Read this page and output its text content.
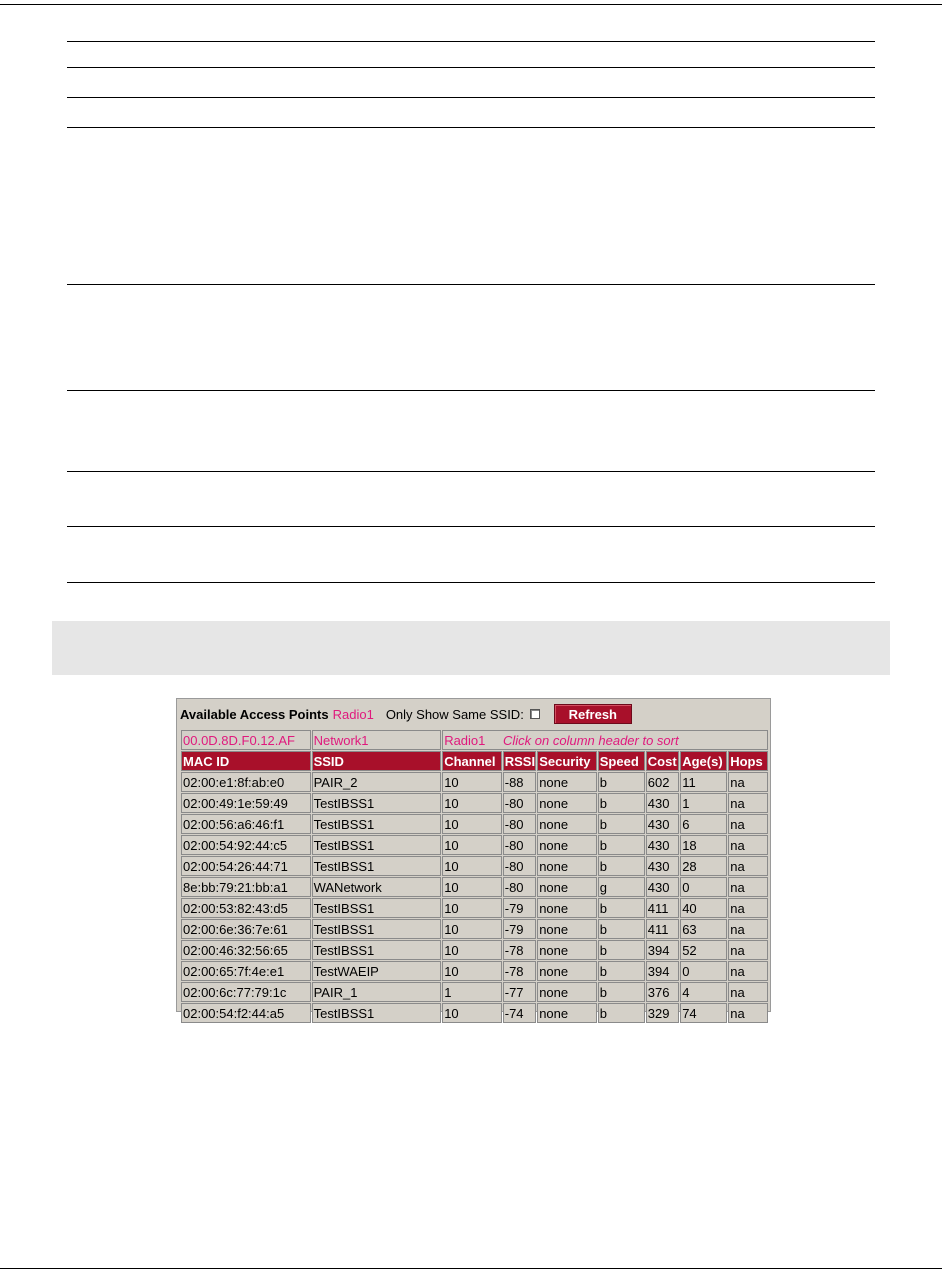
Available Access Points Radio1 Only Show Same SSID:	Refresh
00.0D.8D.F0.12.AF	Network1	Radio1 Click on column header to sort						
MAC ID	SSID	Channel	RSSI	Security	Speed	Cost	Age(s)	Hops
02:00:e1:8f:ab:e0	PAIR_2	10	-88	none	b	602	11	na
02:00:49:1e:59:49	TestIBSS1	10	-80	none	b	430	1	na
02:00:56:a6:46:f1	TestIBSS1	10	-80	none	b	430	6	na
02:00:54:92:44:c5	TestIBSS1	10	-80	none	b	430	18	na
02:00:54:26:44:71	TestIBSS1	10	-80	none	b	430	28	na
8e:bb:79:21:bb:a1	WANetwork	10	-80	none	g	430	0	na
02:00:53:82:43:d5	TestIBSS1	10	-79	none	b	411	40	na
02:00:6e:36:7e:61	TestIBSS1	10	-79	none	b	411	63	na
02:00:46:32:56:65	TestIBSS1	10	-78	none	b	394	52	na
02:00:65:7f:4e:e1	TestWAEIP	10	-78	none	b	394	0	na
02:00:6c:77:79:1c	PAIR_1	1	-77	none	b	376	4	na
02:00:54:f2:44:a5	TestIBSS1	10	-74	none	b	329	74	na
